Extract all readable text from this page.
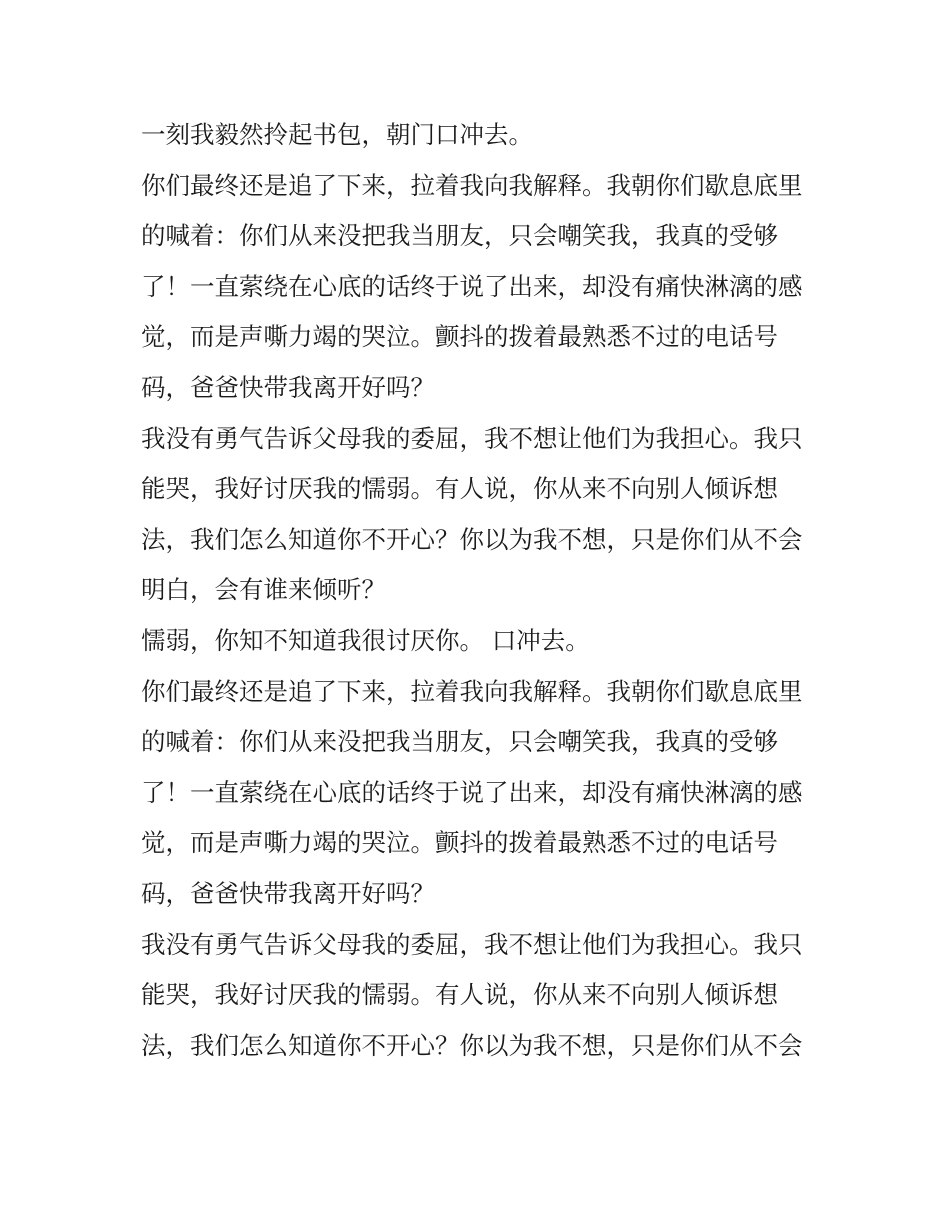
一刻我毅然拎起书包，朝门口冲去。
你们最终还是追了下来，拉着我向我解释。我朝你们歇息底里
的喊着：你们从来没把我当朋友，只会嘲笑我，我真的受够
了！一直萦绕在心底的话终于说了出来，却没有痛快淋漓的感
觉，而是声嘶力竭的哭泣。颤抖的拨着最熟悉不过的电话号
码，爸爸快带我离开好吗？
我没有勇气告诉父母我的委屈，我不想让他们为我担心。我只
能哭，我好讨厌我的懦弱。有人说，你从来不向别人倾诉想
法，我们怎么知道你不开心？你以为我不想，只是你们从不会
明白，会有谁来倾听？
懦弱，你知不知道我很讨厌你。 口冲去。
你们最终还是追了下来，拉着我向我解释。我朝你们歇息底里
的喊着：你们从来没把我当朋友，只会嘲笑我，我真的受够
了！一直萦绕在心底的话终于说了出来，却没有痛快淋漓的感
觉，而是声嘶力竭的哭泣。颤抖的拨着最熟悉不过的电话号
码，爸爸快带我离开好吗？
我没有勇气告诉父母我的委屈，我不想让他们为我担心。我只
能哭，我好讨厌我的懦弱。有人说，你从来不向别人倾诉想
法，我们怎么知道你不开心？你以为我不想，只是你们从不会
